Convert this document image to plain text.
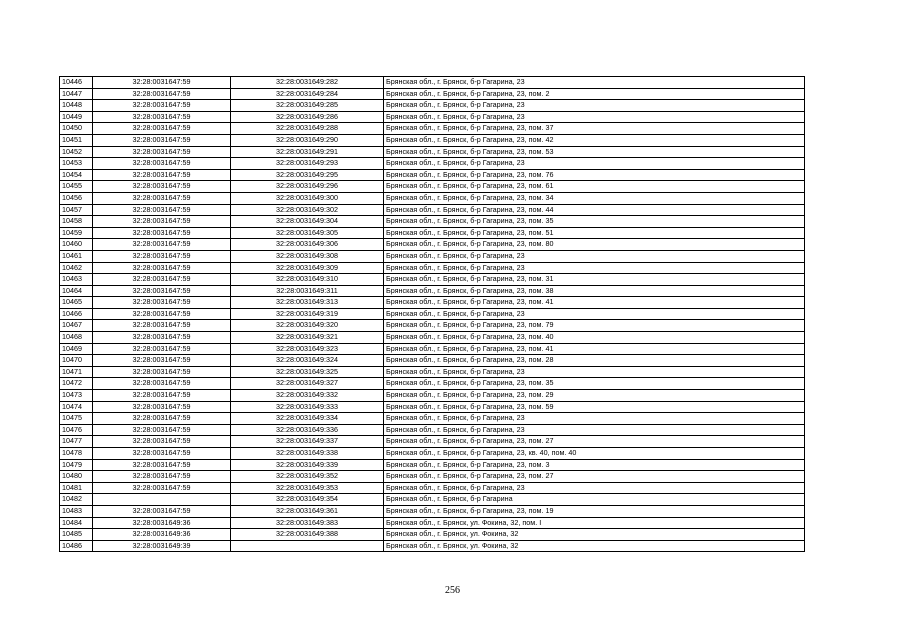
10446	32:28:0031647:59	32:28:0031649:282	Брянская обл., г. Брянск, б-р Гагарина, 23
10447	32:28:0031647:59	32:28:0031649:284	Брянская обл., г. Брянск, б-р Гагарина, 23, пом. 2
10448	32:28:0031647:59	32:28:0031649:285	Брянская обл., г. Брянск, б-р Гагарина, 23
10449	32:28:0031647:59	32:28:0031649:286	Брянская обл., г. Брянск, б-р Гагарина, 23
10450	32:28:0031647:59	32:28:0031649:288	Брянская обл., г. Брянск, б-р Гагарина, 23, пом. 37
10451	32:28:0031647:59	32:28:0031649:290	Брянская обл., г. Брянск, б-р Гагарина, 23, пом. 42
10452	32:28:0031647:59	32:28:0031649:291	Брянская обл., г. Брянск, б-р Гагарина, 23, пом. 53
10453	32:28:0031647:59	32:28:0031649:293	Брянская обл., г. Брянск, б-р Гагарина, 23
10454	32:28:0031647:59	32:28:0031649:295	Брянская обл., г. Брянск, б-р Гагарина, 23, пом. 76
10455	32:28:0031647:59	32:28:0031649:296	Брянская обл., г. Брянск, б-р Гагарина, 23, пом. 61
10456	32:28:0031647:59	32:28:0031649:300	Брянская обл., г. Брянск, б-р Гагарина, 23, пом. 34
10457	32:28:0031647:59	32:28:0031649:302	Брянская обл., г. Брянск, б-р Гагарина, 23, пом. 44
10458	32:28:0031647:59	32:28:0031649:304	Брянская обл., г. Брянск, б-р Гагарина, 23, пом. 35
10459	32:28:0031647:59	32:28:0031649:305	Брянская обл., г. Брянск, б-р Гагарина, 23, пом. 51
10460	32:28:0031647:59	32:28:0031649:306	Брянская обл., г. Брянск, б-р Гагарина, 23, пом. 80
10461	32:28:0031647:59	32:28:0031649:308	Брянская обл., г. Брянск, б-р Гагарина, 23
10462	32:28:0031647:59	32:28:0031649:309	Брянская обл., г. Брянск, б-р Гагарина, 23
10463	32:28:0031647:59	32:28:0031649:310	Брянская обл., г. Брянск, б-р Гагарина, 23, пом. 31
10464	32:28:0031647:59	32:28:0031649:311	Брянская обл., г. Брянск, б-р Гагарина, 23, пом. 38
10465	32:28:0031647:59	32:28:0031649:313	Брянская обл., г. Брянск, б-р Гагарина, 23, пом. 41
10466	32:28:0031647:59	32:28:0031649:319	Брянская обл., г. Брянск, б-р Гагарина, 23
10467	32:28:0031647:59	32:28:0031649:320	Брянская обл., г. Брянск, б-р Гагарина, 23, пом. 79
10468	32:28:0031647:59	32:28:0031649:321	Брянская обл., г. Брянск, б-р Гагарина, 23, пом. 40
10469	32:28:0031647:59	32:28:0031649:323	Брянская обл., г. Брянск, б-р Гагарина, 23, пом. 41
10470	32:28:0031647:59	32:28:0031649:324	Брянская обл., г. Брянск, б-р Гагарина, 23, пом. 28
10471	32:28:0031647:59	32:28:0031649:325	Брянская обл., г. Брянск, б-р Гагарина, 23
10472	32:28:0031647:59	32:28:0031649:327	Брянская обл., г. Брянск, б-р Гагарина, 23, пом. 35
10473	32:28:0031647:59	32:28:0031649:332	Брянская обл., г. Брянск, б-р Гагарина, 23, пом. 29
10474	32:28:0031647:59	32:28:0031649:333	Брянская обл., г. Брянск, б-р Гагарина, 23, пом. 59
10475	32:28:0031647:59	32:28:0031649:334	Брянская обл., г. Брянск, б-р Гагарина, 23
10476	32:28:0031647:59	32:28:0031649:336	Брянская обл., г. Брянск, б-р Гагарина, 23
10477	32:28:0031647:59	32:28:0031649:337	Брянская обл., г. Брянск, б-р Гагарина, 23, пом. 27
10478	32:28:0031647:59	32:28:0031649:338	Брянская обл., г. Брянск, б-р Гагарина, 23, кв. 40, пом. 40
10479	32:28:0031647:59	32:28:0031649:339	Брянская обл., г. Брянск, б-р Гагарина, 23, пом. 3
10480	32:28:0031647:59	32:28:0031649:352	Брянская обл., г. Брянск, б-р Гагарина, 23, пом. 27
10481	32:28:0031647:59	32:28:0031649:353	Брянская обл., г. Брянск, б-р Гагарина, 23
10482		32:28:0031649:354	Брянская обл., г. Брянск, б-р Гагарина
10483	32:28:0031647:59	32:28:0031649:361	Брянская обл., г. Брянск, б-р Гагарина, 23, пом. 19
10484	32:28:0031649:36	32:28:0031649:383	Брянская обл., г. Брянск, ул. Фокина, 32, пом. I
10485	32:28:0031649:36	32:28:0031649:388	Брянская обл., г. Брянск, ул. Фокина, 32
10486	32:28:0031649:39		Брянская обл., г. Брянск, ул. Фокина, 32
256
